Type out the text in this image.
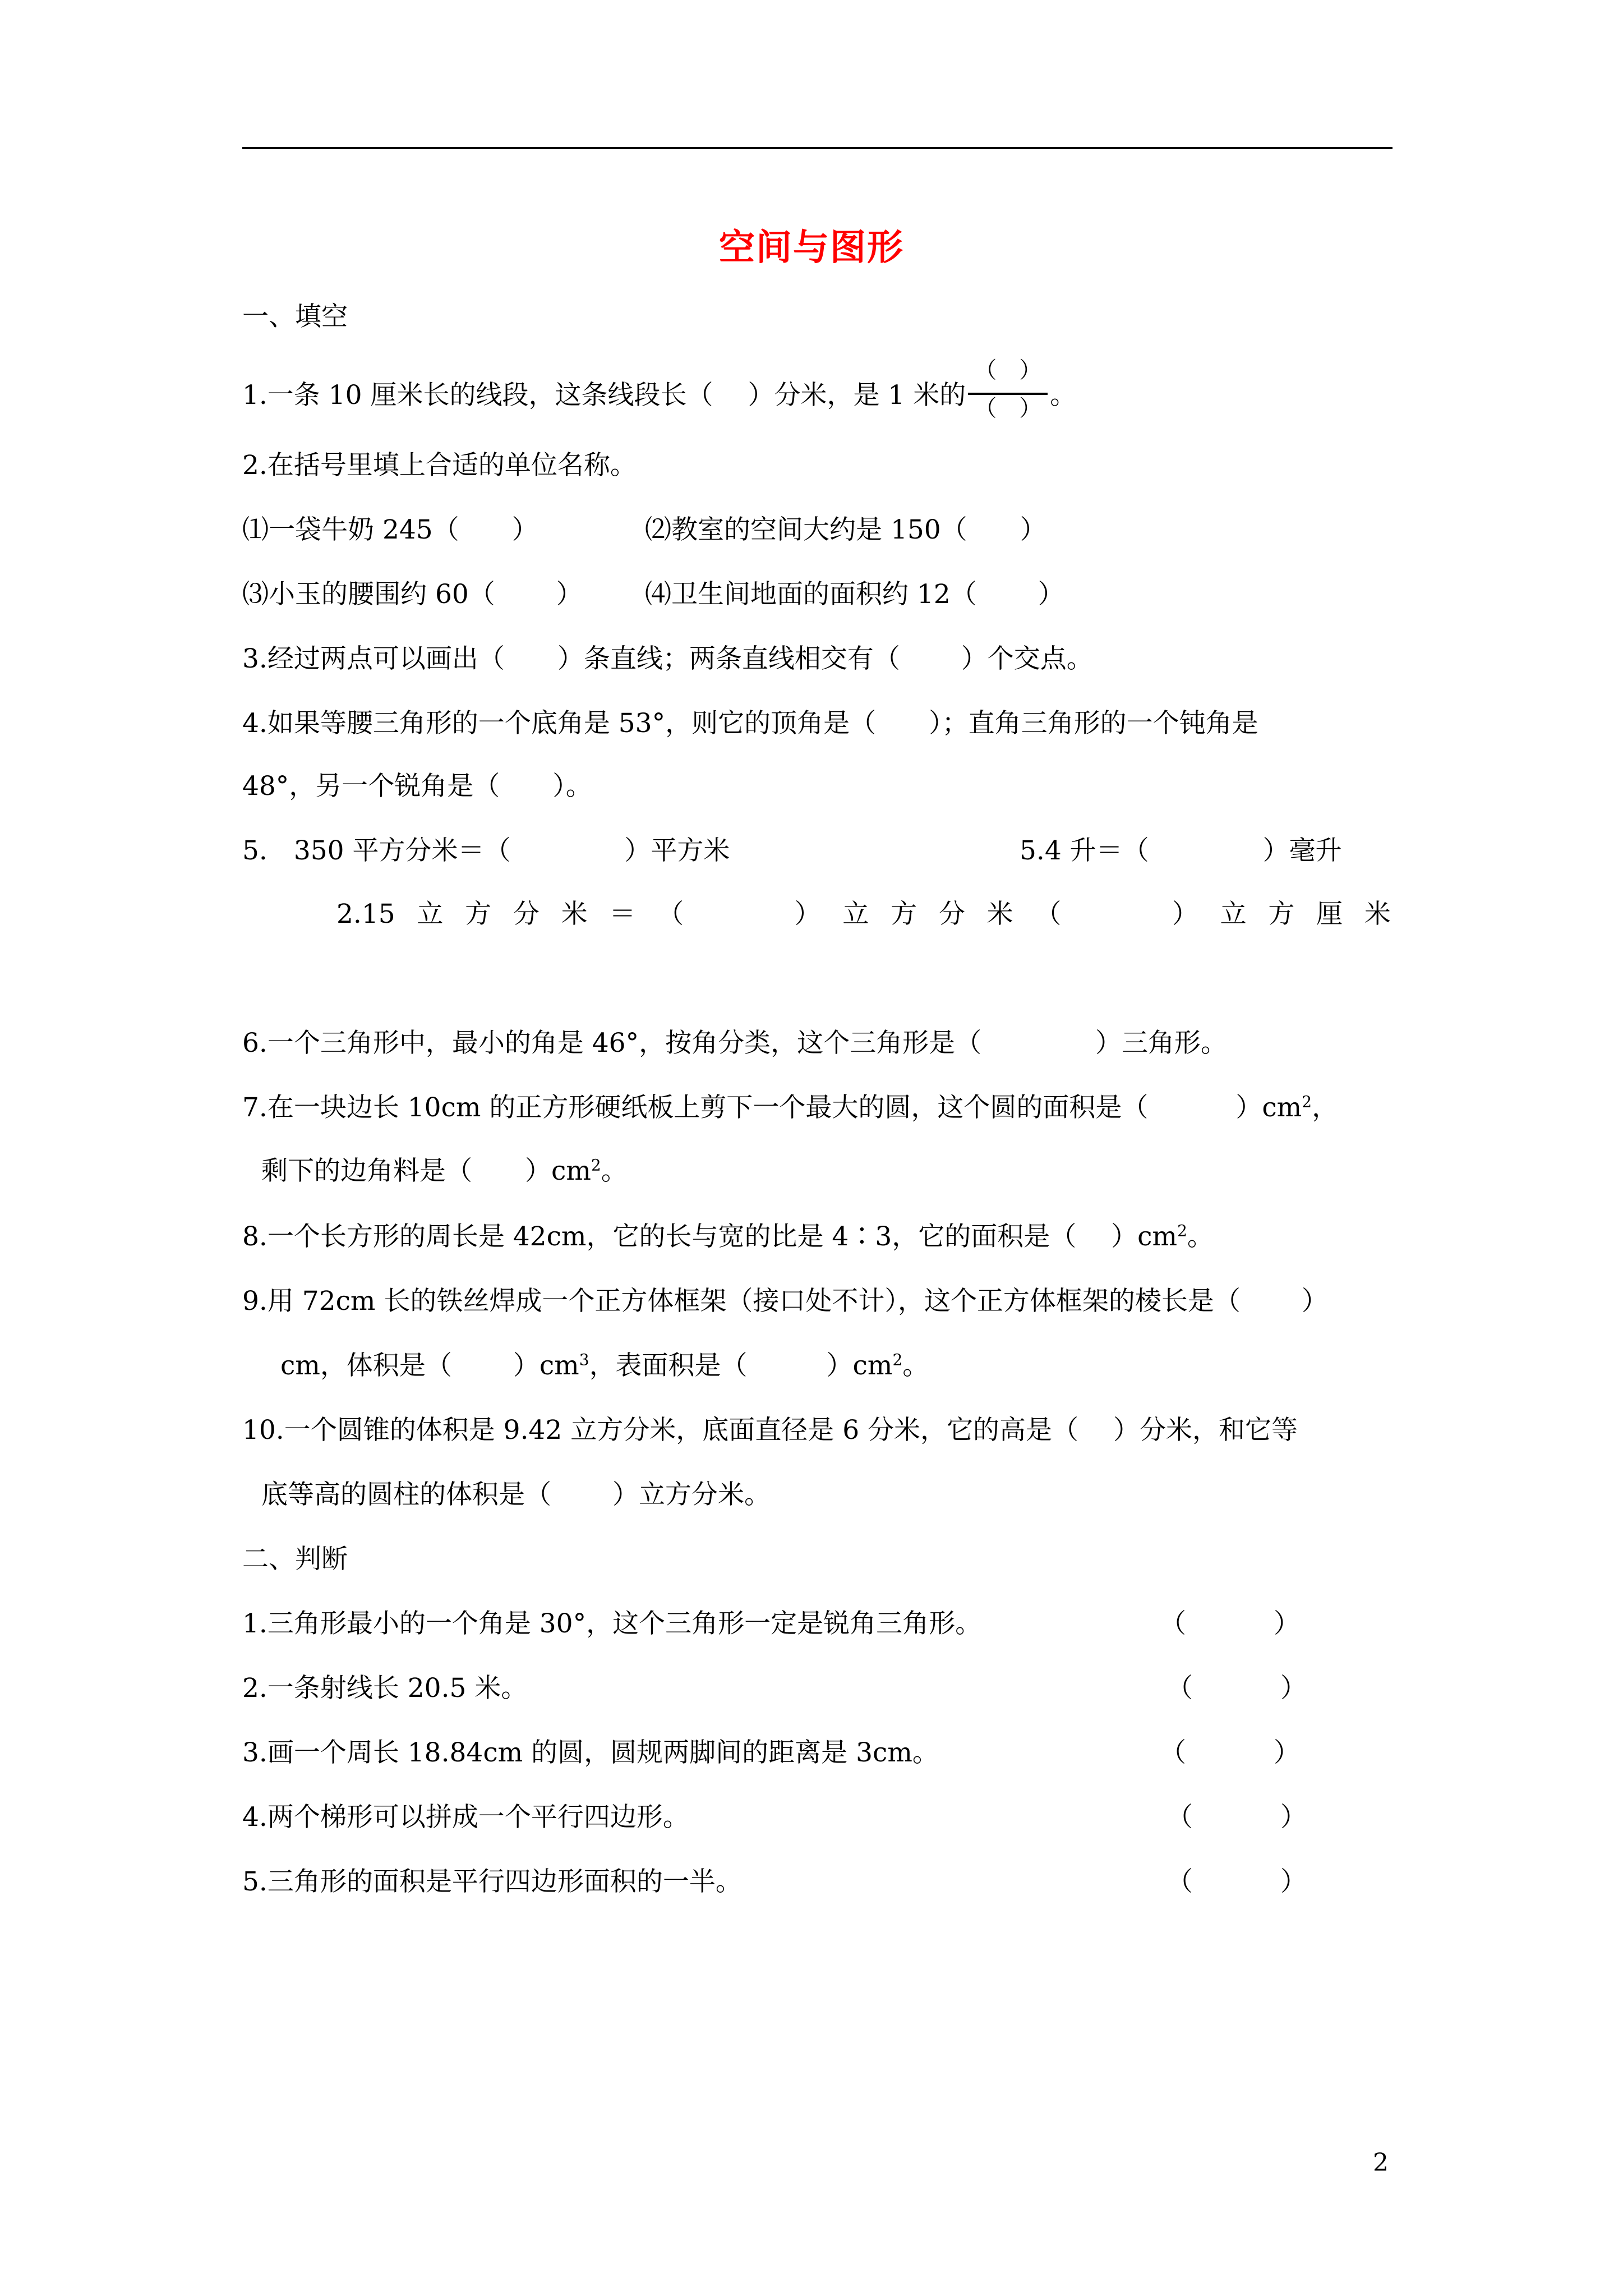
空间与图形
一、填空
1.一条 10 厘米长的线段，这条线段长（　 ）分米，是 1 米的 $\frac{( )}{( )}$ 。
2.在括号里填上合适的单位名称。
⑴一袋牛奶 245（　　）	⑵教室的空间大约是 150（　　）
⑶小玉的腰围约 60（　　 ） ⑷卫生间地面的面积约 12（　　 ）
3.经过两点可以画出（　　）条直线；两条直线相交有（　　 ）个交点。
4.如果等腰三角形的一个底角是 53°，则它的顶角是（　　）；直角三角形的一个钝角是
48°，另一个锐角是（　　）。
5.　350 平方分米＝（　　　　 ）平方米	5.4 升＝（　　　　 ）毫升
2.15 立 方 分 米 ＝ （	） 立 方 分 米 （	） 立 方 厘 米
6.一个三角形中，最小的角是 46°，按角分类，这个三角形是（　　　　 ）三角形。
7.在一块边长 10cm 的正方形硬纸板上剪下一个最大的圆，这个圆的面积是（　　　 ）$cm^2$，
剩下的边角料是（　　）$cm^2$。
8.一个长方形的周长是 42cm，它的长与宽的比是 4∶3，它的面积是（　 ）$cm^2$。
9.用 72cm 长的铁丝焊成一个正方体框架（接口处不计），这个正方体框架的棱长是（　　 ）
cm，体积是（　　 ）$cm^3$，表面积是（　　　）$cm^2$。
10.一个圆锥的体积是 9.42 立方分米，底面直径是 6 分米，它的高是（　 ）分米，和它等
底等高的圆柱的体积是（　　 ）立方分米。
二、判断
1.三角形最小的一个角是 30°，这个三角形一定是锐角三角形。	（　　　 ）
2.一条射线长 20.5 米。	（　　　 ）
3.画一个周长 18.84cm 的圆，圆规两脚间的距离是 3cm。	（　　　 ）
4.两个梯形可以拼成一个平行四边形。	（　　　 ）
5.三角形的面积是平行四边形面积的一半。	（　　　 ）
2
